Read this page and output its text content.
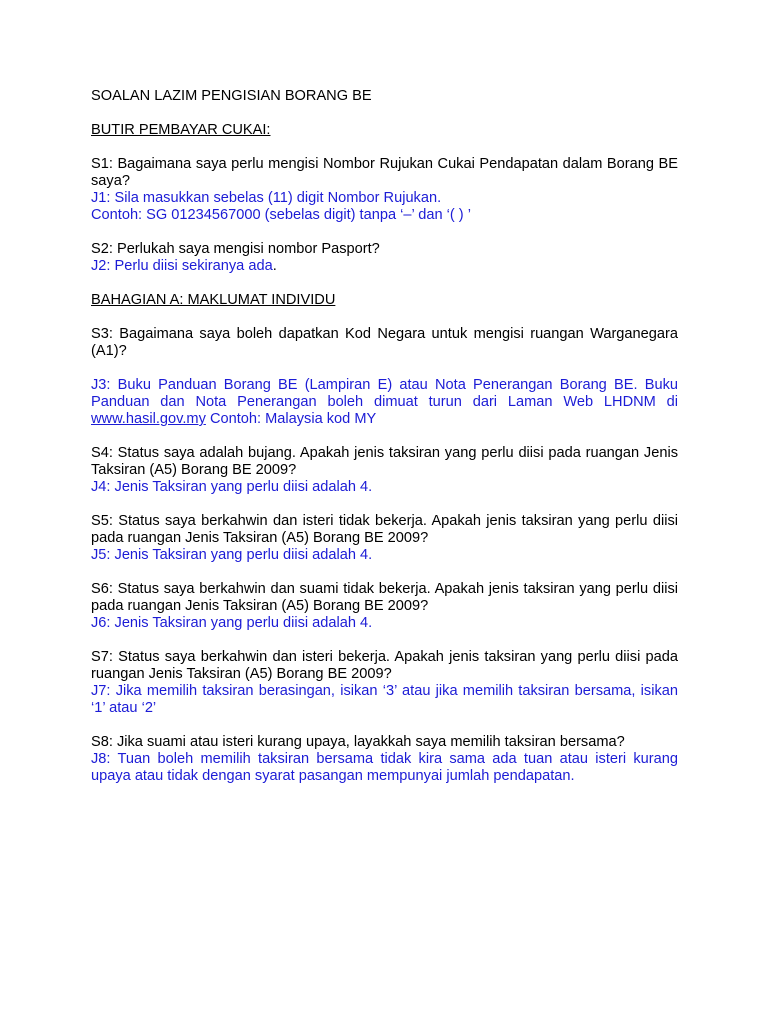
SOALAN LAZIM PENGISIAN BORANG BE
BUTIR PEMBAYAR CUKAI:
S1: Bagaimana saya perlu mengisi Nombor Rujukan Cukai Pendapatan dalam Borang BE saya?
J1: Sila masukkan sebelas (11) digit Nombor Rujukan.
Contoh: SG 01234567000 (sebelas digit) tanpa ‘–’ dan ‘( ) ’
S2: Perlukah saya mengisi nombor Pasport?
J2: Perlu diisi sekiranya ada.
BAHAGIAN A: MAKLUMAT INDIVIDU
S3: Bagaimana saya boleh dapatkan Kod Negara untuk mengisi ruangan Warganegara (A1)?
J3: Buku Panduan Borang BE (Lampiran E) atau Nota Penerangan Borang BE. Buku Panduan dan Nota Penerangan boleh dimuat turun dari Laman Web LHDNM di www.hasil.gov.my Contoh: Malaysia kod MY
S4: Status saya adalah bujang. Apakah jenis taksiran yang perlu diisi pada ruangan Jenis Taksiran (A5) Borang BE 2009?
J4: Jenis Taksiran yang perlu diisi adalah 4.
S5: Status saya berkahwin dan isteri tidak bekerja. Apakah jenis taksiran yang perlu diisi pada ruangan Jenis Taksiran (A5) Borang BE 2009?
J5: Jenis Taksiran yang perlu diisi adalah 4.
S6: Status saya berkahwin dan suami tidak bekerja. Apakah jenis taksiran yang perlu diisi pada ruangan Jenis Taksiran (A5) Borang BE 2009?
J6: Jenis Taksiran yang perlu diisi adalah 4.
S7: Status saya berkahwin dan isteri bekerja. Apakah jenis taksiran yang perlu diisi pada ruangan Jenis Taksiran (A5) Borang BE 2009?
J7: Jika memilih taksiran berasingan, isikan ‘3’ atau jika memilih taksiran bersama, isikan ‘1’ atau ‘2’
S8: Jika suami atau isteri kurang upaya, layakkah saya memilih taksiran bersama?
J8: Tuan boleh memilih taksiran bersama tidak kira sama ada tuan atau isteri kurang upaya atau tidak dengan syarat pasangan mempunyai jumlah pendapatan.
